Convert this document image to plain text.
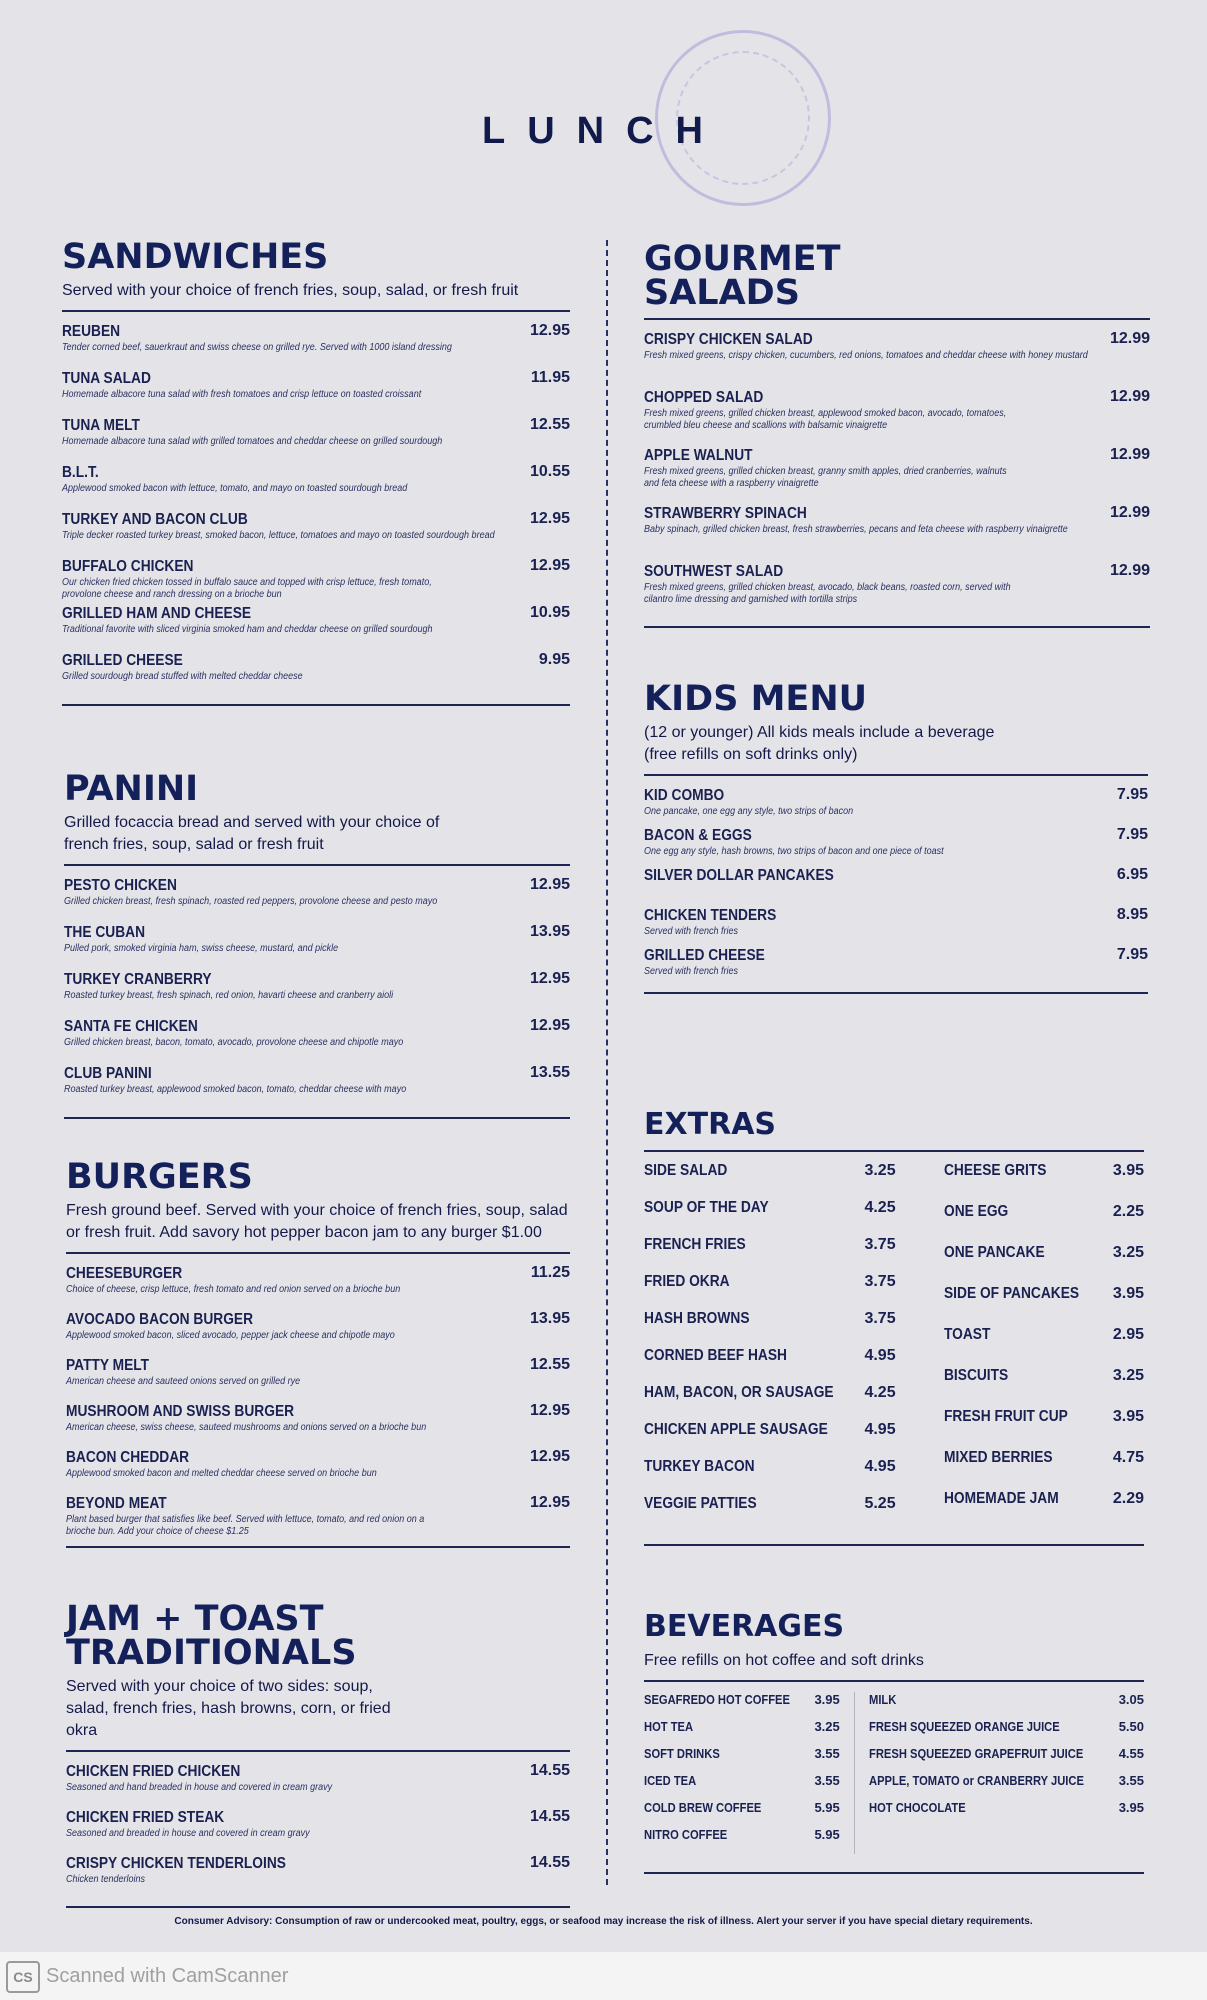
LUNCH
SANDWICHES
Served with your choice of french fries, soup, salad, or fresh fruit
REUBEN
Tender corned beef, sauerkraut and swiss cheese on grilled rye. Served with 1000 island dressing
12.95
TUNA SALAD
Homemade albacore tuna salad with fresh tomatoes and crisp lettuce on toasted croissant
11.95
TUNA MELT
Homemade albacore tuna salad with grilled tomatoes and cheddar cheese on grilled sourdough
12.55
B.L.T.
Applewood smoked bacon with lettuce, tomato, and mayo on toasted sourdough bread
10.55
TURKEY AND BACON CLUB
Triple decker roasted turkey breast, smoked bacon, lettuce, tomatoes and mayo on toasted sourdough bread
12.95
BUFFALO CHICKEN
Our chicken fried chicken tossed in buffalo sauce and topped with crisp lettuce, fresh tomato, provolone cheese and ranch dressing on a brioche bun
12.95
GRILLED HAM AND CHEESE
Traditional favorite with sliced virginia smoked ham and cheddar cheese on grilled sourdough
10.95
GRILLED CHEESE
Grilled sourdough bread stuffed with melted cheddar cheese
9.95
PANINI
Grilled focaccia bread and served with your choice of french fries, soup, salad or fresh fruit
PESTO CHICKEN
Grilled chicken breast, fresh spinach, roasted red peppers, provolone cheese and pesto mayo
12.95
THE CUBAN
Pulled pork, smoked virginia ham, swiss cheese, mustard, and pickle
13.95
TURKEY CRANBERRY
Roasted turkey breast, fresh spinach, red onion, havarti cheese and cranberry aioli
12.95
SANTA FE CHICKEN
Grilled chicken breast, bacon, tomato, avocado, provolone cheese and chipotle mayo
12.95
CLUB PANINI
Roasted turkey breast, applewood smoked bacon, tomato, cheddar cheese with mayo
13.55
BURGERS
Fresh ground beef. Served with your choice of french fries, soup, salad or fresh fruit. Add savory hot pepper bacon jam to any burger $1.00
CHEESEBURGER
Choice of cheese, crisp lettuce, fresh tomato and red onion served on a brioche bun
11.25
AVOCADO BACON BURGER
Applewood smoked bacon, sliced avocado, pepper jack cheese and chipotle mayo
13.95
PATTY MELT
American cheese and sauteed onions served on grilled rye
12.55
MUSHROOM AND SWISS BURGER
American cheese, swiss cheese, sauteed mushrooms and onions served on a brioche bun
12.95
BACON CHEDDAR
Applewood smoked bacon and melted cheddar cheese served on brioche bun
12.95
BEYOND MEAT
Plant based burger that satisfies like beef. Served with lettuce, tomato, and red onion on a brioche bun. Add your choice of cheese $1.25
12.95
JAM + TOAST TRADITIONALS
Served with your choice of two sides: soup, salad, french fries, hash browns, corn, or fried okra
CHICKEN FRIED CHICKEN
Seasoned and hand breaded in house and covered in cream gravy
14.55
CHICKEN FRIED STEAK
Seasoned and breaded in house and covered in cream gravy
14.55
CRISPY CHICKEN TENDERLOINS
Chicken tenderloins
14.55
GOURMET SALADS
CRISPY CHICKEN SALAD
Fresh mixed greens, crispy chicken, cucumbers, red onions, tomatoes and cheddar cheese with honey mustard
12.99
CHOPPED SALAD
Fresh mixed greens, grilled chicken breast, applewood smoked bacon, avocado, tomatoes, crumbled bleu cheese and scallions with balsamic vinaigrette
12.99
APPLE WALNUT
Fresh mixed greens, grilled chicken breast, granny smith apples, dried cranberries, walnuts and feta cheese with a raspberry vinaigrette
12.99
STRAWBERRY SPINACH
Baby spinach, grilled chicken breast, fresh strawberries, pecans and feta cheese with raspberry vinaigrette
12.99
SOUTHWEST SALAD
Fresh mixed greens, grilled chicken breast, avocado, black beans, roasted corn, served with cilantro lime dressing and garnished with tortilla strips
12.99
KIDS MENU
(12 or younger) All kids meals include a beverage (free refills on soft drinks only)
KID COMBO
One pancake, one egg any style, two strips of bacon
7.95
BACON & EGGS
One egg any style, hash browns, two strips of bacon and one piece of toast
7.95
SILVER DOLLAR PANCAKES	6.95
CHICKEN TENDERS
Served with french fries
8.95
GRILLED CHEESE
Served with french fries
7.95
EXTRAS
SIDE SALAD	3.25
SOUP OF THE DAY	4.25
FRENCH FRIES	3.75
FRIED OKRA	3.75
HASH BROWNS	3.75
CORNED BEEF HASH	4.95
HAM, BACON, OR SAUSAGE 4.25
CHICKEN APPLE SAUSAGE 4.95
TURKEY BACON	4.95
VEGGIE PATTIES	5.25
CHEESE GRITS	3.95
ONE EGG	2.25
ONE PANCAKE	3.25
SIDE OF PANCAKES 3.95
TOAST	2.95
BISCUITS	3.25
FRESH FRUIT CUP	3.95
MIXED BERRIES	4.75
HOMEMADE JAM	2.29
BEVERAGES
Free refills on hot coffee and soft drinks
SEGAFREDO HOT COFFEE 3.95
HOT TEA	3.25
SOFT DRINKS	3.55
ICED TEA	3.55
COLD BREW COFFEE	5.95
NITRO COFFEE	5.95
MILK	3.05
FRESH SQUEEZED ORANGE JUICE	5.50
FRESH SQUEEZED GRAPEFRUIT JUICE	4.55
APPLE, TOMATO or CRANBERRY JUICE	3.55
HOT CHOCOLATE	3.95
Consumer Advisory: Consumption of raw or undercooked meat, poultry, eggs, or seafood may increase the risk of illness. Alert your server if you have special dietary requirements.
CS Scanned with CamScanner
